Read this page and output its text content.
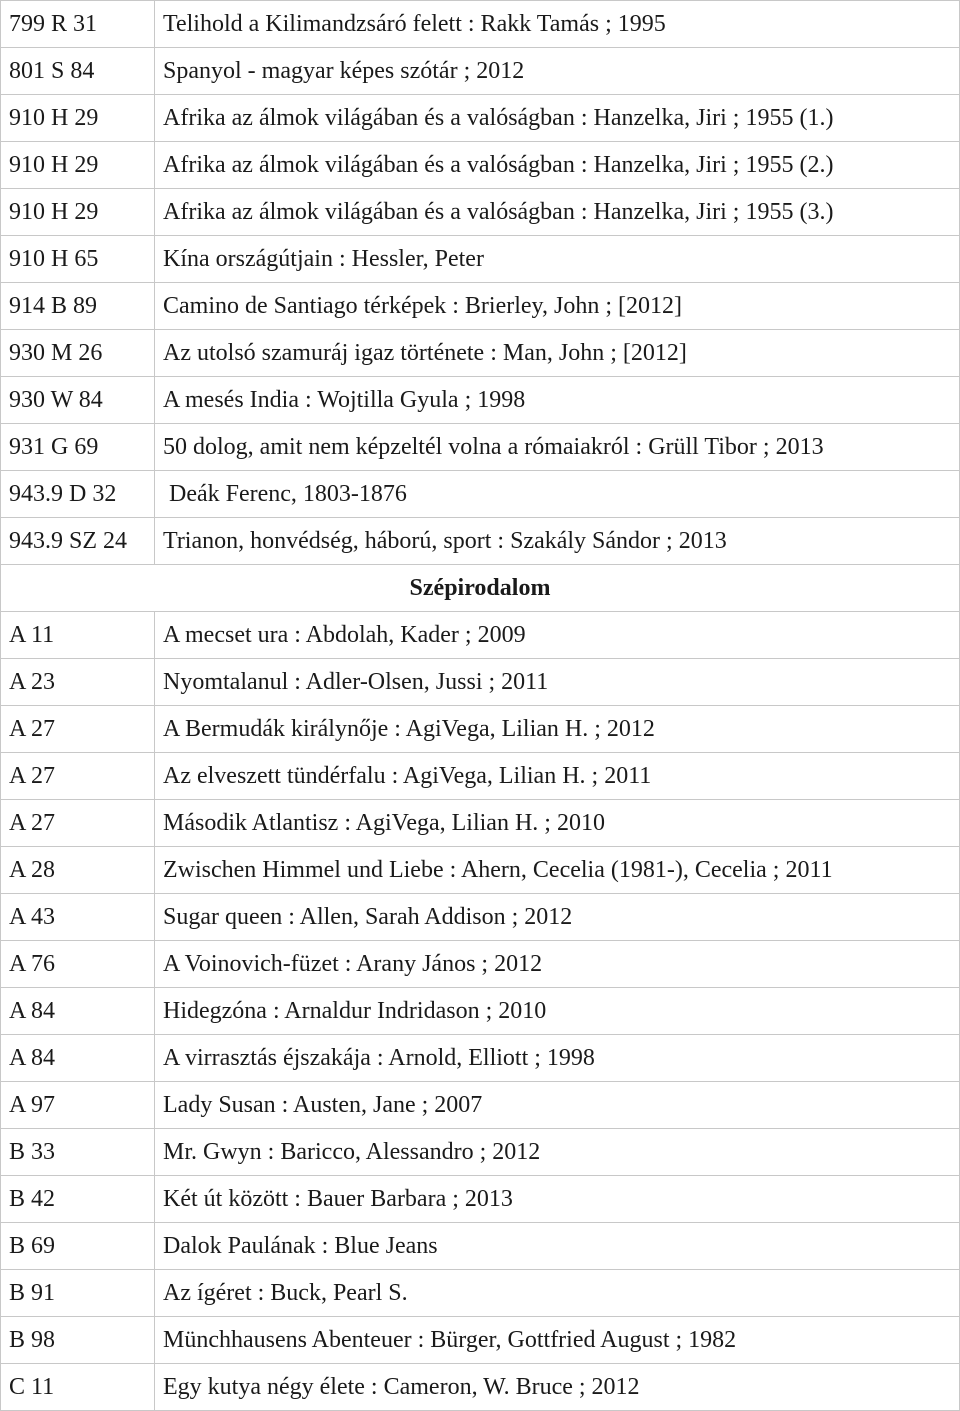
799 R 31	Telihold a Kilimandzsáró felett : Rakk Tamás ; 1995
801 S 84	Spanyol - magyar képes szótár ; 2012
910 H 29	Afrika az álmok világában és a valóságban : Hanzelka, Jiri ; 1955 (1.)
910 H 29	Afrika az álmok világában és a valóságban : Hanzelka, Jiri ; 1955 (2.)
910 H 29	Afrika az álmok világában és a valóságban : Hanzelka, Jiri ; 1955 (3.)
910 H 65	Kína országútjain : Hessler, Peter
914 B 89	Camino de Santiago térképek : Brierley, John ; [2012]
930 M 26	Az utolsó szamuráj igaz története : Man, John ; [2012]
930 W 84	A mesés India : Wojtilla Gyula ; 1998
931 G 69	50 dolog, amit nem képzeltél volna a rómaiakról : Grüll Tibor ; 2013
943.9 D 32	Deák Ferenc, 1803-1876
943.9 SZ 24	Trianon, honvédség, háború, sport : Szakály Sándor ; 2013
Szépirodalom	
A 11	A mecset ura : Abdolah, Kader ; 2009
A 23	Nyomtalanul : Adler-Olsen, Jussi ; 2011
A 27	A Bermudák királynője : AgiVega, Lilian H. ; 2012
A 27	Az elveszett tündérfalu : AgiVega, Lilian H. ; 2011
A 27	Második Atlantisz : AgiVega, Lilian H. ; 2010
A 28	Zwischen Himmel und Liebe : Ahern, Cecelia (1981-), Cecelia ; 2011
A 43	Sugar queen : Allen, Sarah Addison ; 2012
A 76	A Voinovich-füzet : Arany János ; 2012
A 84	Hidegzóna : Arnaldur Indridason ; 2010
A 84	A virrasztás éjszakája : Arnold, Elliott ; 1998
A 97	Lady Susan : Austen, Jane ; 2007
B 33	Mr. Gwyn : Baricco, Alessandro ; 2012
B 42	Két út között : Bauer Barbara ; 2013
B 69	Dalok Paulának : Blue Jeans
B 91	Az ígéret : Buck, Pearl S.
B 98	Münchhausens Abenteuer : Bürger, Gottfried August ; 1982
C 11	Egy kutya négy élete : Cameron, W. Bruce ; 2012
